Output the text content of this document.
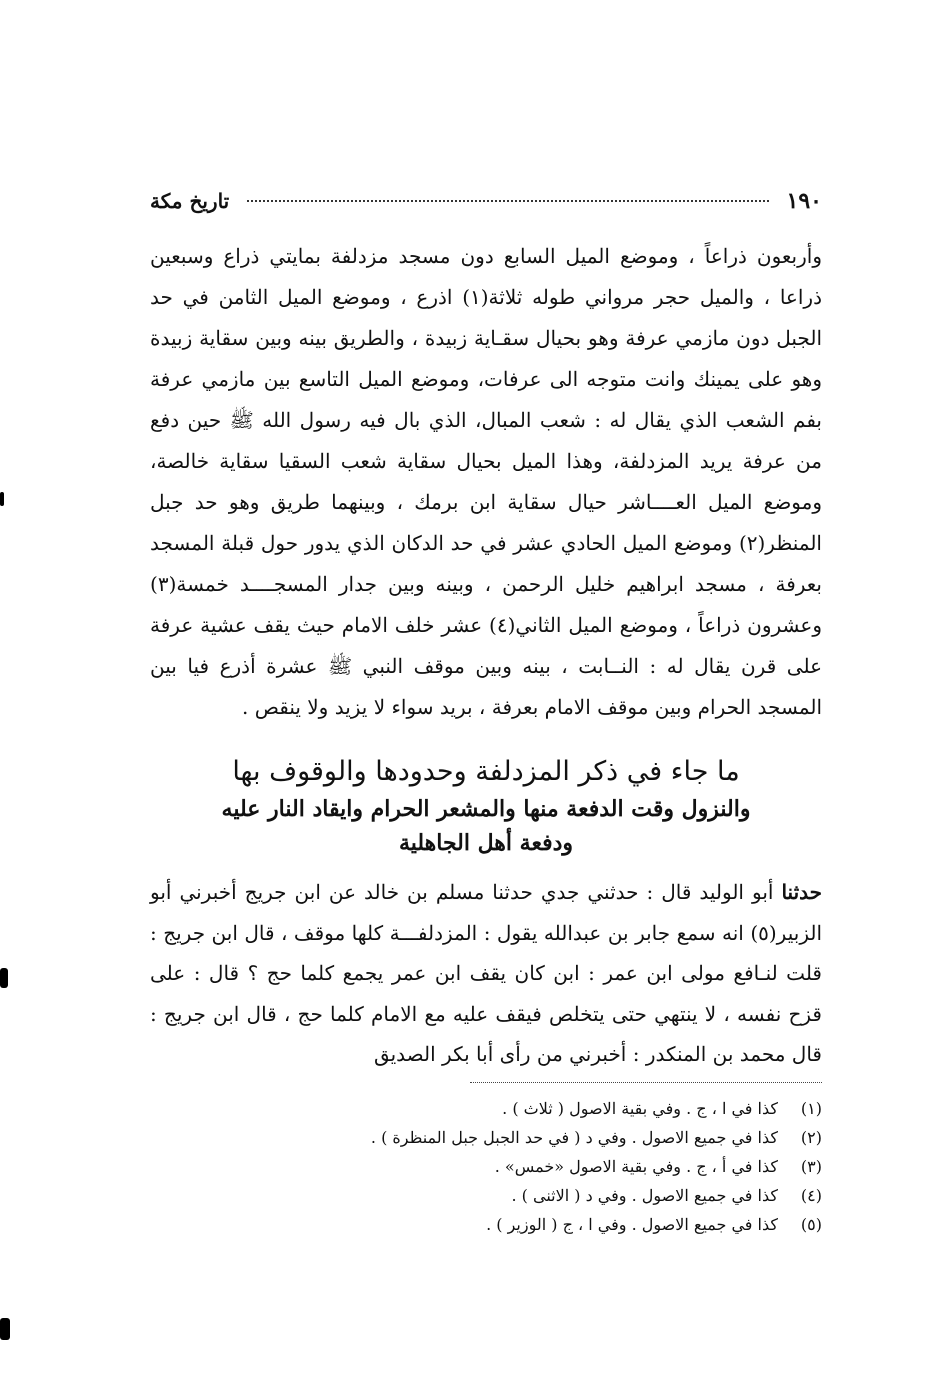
١٩٠
تاريخ مكة

وأربعون ذراعاً ، وموضع الميل السابع دون مسجد مزدلفة بمايتي ذراع وسبعين ذراعا ، والميل حجر مرواني طوله ثلاثة(١) اذرع ، وموضع الميل الثامن في حد الجبل دون مازمي عرفة وهو بحيال سقـاية زبيدة ، والطريق بينه وبين سقاية زبيدة وهو على يمينك وانت متوجه الى عرفات، وموضع الميل التاسع بين مازمي عرفة بفم الشعب الذي يقال له : شعب المبال، الذي بال فيه رسول الله ﷺ حين دفع من عرفة يريد المزدلفة، وهذا الميل بحيال سقاية شعب السقيا سقاية خالصة، وموضع الميل العــــاشر حيال سقاية ابن برمك ، وبينهما طريق وهو حد جبل المنظر(٢) وموضع الميل الحادي عشر في حد الدكان الذي يدور حول قبلة المسجد بعرفة ، مسجد ابراهيم خليل الرحمن ، وبينه وبين جدار المسجــــد خمسة(٣) وعشرون ذراعاً ، وموضع الميل الثاني(٤) عشر خلف الامام حيث يقف عشية عرفة على قرن يقال له : النــابت ، بينه وبين موقف النبي ﷺ عشرة أذرع فيا بين المسجد الحرام وبين موقف الامام بعرفة ، بريد سواء لا يزيد ولا ينقص .

ما جاء في ذكر المزدلفة وحدودها والوقوف بها
والنزول وقت الدفعة منها والمشعر الحرام وايقاد النار عليه
ودفعة أهل الجاهلية

حدثنا أبو الوليد قال : حدثني جدي حدثنا مسلم بن خالد عن ابن جريج أخبرني أبو الزبير(٥) انه سمع جابر بن عبدالله يقول : المزدلفـــة كلها موقف ، قال ابن جريج : قلت لنـافع مولى ابن عمر : ابن كان يقف ابن عمر يجمع كلما حج ؟ قال : على قزح نفسه ، لا ينتهي حتى يتخلص فيقف عليه مع الامام كلما حج ، قال ابن جريج : قال محمد بن المنكدر : أخبرني من رأى أبا بكر الصديق

(١)
كذا في ا ، ج . وفي بقية الاصول ( ثلاث ) .
(٢)
كذا في جميع الاصول . وفي د ( في حد الجبل جبل المنظرة ) .
(٣)
كذا في أ ، ج . وفي بقية الاصول «خمس» .
(٤)
كذا في جميع الاصول . وفي د ( الاثنى ) .
(٥)
كذا في جميع الاصول . وفي ا ، ج ( الوزير ) .
